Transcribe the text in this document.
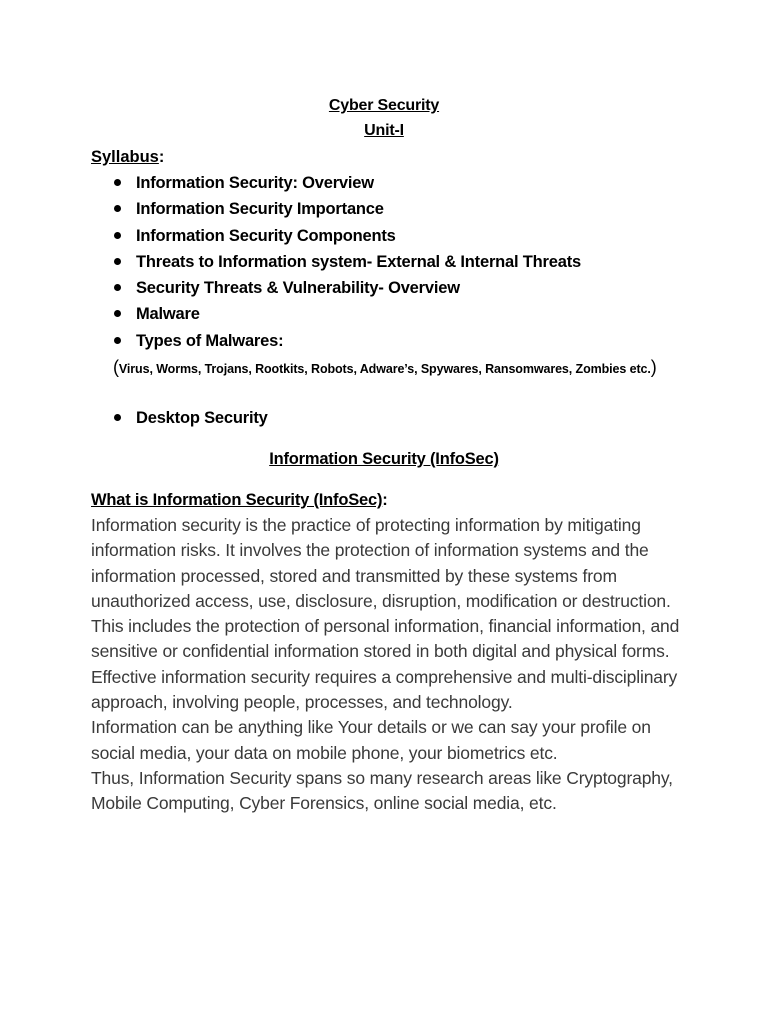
Cyber Security
Unit-I
Syllabus:
Information Security: Overview
Information Security Importance
Information Security Components
Threats to Information system- External & Internal Threats
Security Threats & Vulnerability- Overview
Malware
Types of Malwares:
(Virus, Worms, Trojans, Rootkits, Robots, Adware’s, Spywares, Ransomwares, Zombies etc.)
Desktop Security
Information Security (InfoSec)
What is Information Security (InfoSec):

Information security is the practice of protecting information by mitigating information risks. It involves the protection of information systems and the information processed, stored and transmitted by these systems from unauthorized access, use, disclosure, disruption, modification or destruction.

This includes the protection of personal information, financial information, and sensitive or confidential information stored in both digital and physical forms. Effective information security requires a comprehensive and multi-disciplinary approach, involving people, processes, and technology.

Information can be anything like Your details or we can say your profile on social media, your data on mobile phone, your biometrics etc.

Thus, Information Security spans so many research areas like Cryptography, Mobile Computing, Cyber Forensics, online social media, etc.
